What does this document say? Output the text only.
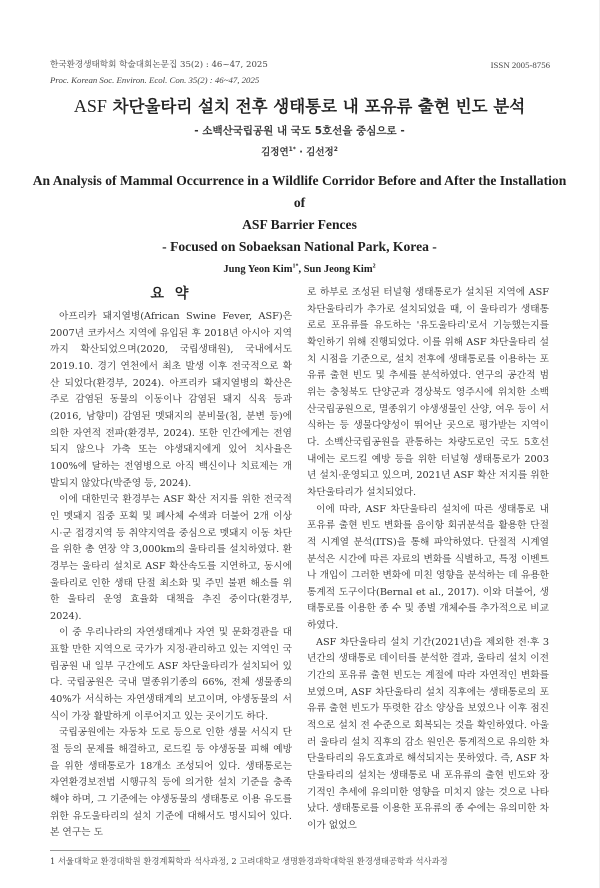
한국환경생태학회 학술대회논문집 35(2) : 46~47, 2025	ISSN 2005-8756
Proc. Korean Soc. Environ. Ecol. Con. 35(2) : 46~47, 2025
ASF 차단울타리 설치 전후 생태통로 내 포유류 출현 빈도 분석
- 소백산국립공원 내 국도 5호선을 중심으로 -
김정연$^{1*}$ · 김선정$^2$
An Analysis of Mammal Occurrence in a Wildlife Corridor Before and After the Installation of
ASF Barrier Fences
- Focused on Sobaeksan National Park, Korea -
Jung Yeon Kim$^{1*}$, Sun Jeong Kim$^2$
요 약

아프리카 돼지열병(African Swine Fever, ASF)은 2007년 코카서스 지역에 유입된 후 2018년 아시아 지역까지 확산되었으며(2020, 국립생태원), 국내에서도 2019.10. 경기 연천에서 최초 발생 이후 전국적으로 확산 되었다(환경부, 2024). 아프리카 돼지열병의 확산은 주로 감염된 동물의 이동이나 감염된 돼지 식육 등과(2016, 남향미) 감염된 멧돼지의 분비물(침, 분변 등)에 의한 자연적 전파(환경부, 2024). 또한 인간에게는 전염되지 않으나 가축 또는 야생돼지에게 있어 치사율은 100%에 달하는 전염병으로 아직 백신이나 치료제는 개발되지 않았다(박준영 등, 2024).

이에 대한민국 환경부는 ASF 확산 저지를 위한 전국적인 멧돼지 집중 포획 및 폐사체 수색과 더불어 2개 이상 시·군 접경지역 등 취약지역을 중심으로 멧돼지 이동 차단을 위한 총 연장 약 3,000km의 울타리를 설치하였다. 환경부는 울타리 설치로 ASF 확산속도를 지연하고, 동시에 울타리로 인한 생태 단절 최소화 및 주민 불편 해소를 위한 울타리 운영 효율화 대책을 추진 중이다(환경부, 2024).

이 중 우리나라의 자연생태계나 자연 및 문화경관을 대표할 만한 지역으로 국가가 지정·관리하고 있는 지역인 국립공원 내 일부 구간에도 ASF 차단울타리가 설치되어 있다. 국립공원은 국내 멸종위기종의 66%, 전체 생물종의 40%가 서식하는 자연생태계의 보고이며, 야생동물의 서식이 가장 활발하게 이루어지고 있는 곳이기도 하다.

국립공원에는 자동차 도로 등으로 인한 생물 서식지 단절 등의 문제를 해결하고, 로드킬 등 야생동물 피해 예방을 위한 생태통로가 18개소 조성되어 있다. 생태통로는 자연환경보전법 시행규칙 등에 의거한 설치 기준을 충족해야 하며, 그 기준에는 야생동물의 생태통로 이용 유도를 위한 유도울타리의 설치 기준에 대해서도 명시되어 있다. 본 연구는 도

로 하부로 조성된 터널형 생태통로가 설치된 지역에 ASF 차단울타리가 추가로 설치되었을 때, 이 울타리가 생태통로로 포유류를 유도하는 '유도울타리'로서 기능했는지를 확인하기 위해 진행되었다. 이를 위해 ASF 차단울타리 설치 시점을 기준으로, 설치 전후에 생태통로를 이용하는 포유류 출현 빈도 및 추세를 분석하였다. 연구의 공간적 범위는 충청북도 단양군과 경상북도 영주시에 위치한 소백산국립공원으로, 멸종위기 야생생물인 산양, 여우 등이 서식하는 등 생물다양성이 뛰어난 곳으로 평가받는 지역이다. 소백산국립공원을 관통하는 차량도로인 국도 5호선 내에는 로드킬 예방 등을 위한 터널형 생태통로가 2003년 설치·운영되고 있으며, 2021년 ASF 확산 저지를 위한 차단울타리가 설치되었다.

이에 따라, ASF 차단울타리 설치에 따른 생태통로 내 포유류 출현 빈도 변화를 음이항 회귀분석을 활용한 단절적 시계열 분석(ITS)을 통해 파악하였다. 단절적 시계열 분석은 시간에 따른 자료의 변화를 식별하고, 특정 이벤트나 개입이 그러한 변화에 미친 영향을 분석하는 데 유용한 통계적 도구이다(Bernal et al., 2017). 이와 더불어, 생태통로를 이용한 종 수 및 종별 개체수를 추가적으로 비교하였다.

ASF 차단울타리 설치 기간(2021년)을 제외한 전·후 3년간의 생태통로 데이터를 분석한 결과, 울타리 설치 이전 기간의 포유류 출현 빈도는 계절에 따라 자연적인 변화를 보였으며, ASF 차단울타리 설치 직후에는 생태통로의 포유류 출현 빈도가 뚜렷한 감소 양상을 보였으나 이후 점진적으로 설치 전 수준으로 회복되는 것을 확인하였다. 아울러 울타리 설치 직후의 감소 원인은 통계적으로 유의한 차단울타리의 유도효과로 해석되지는 못하였다. 즉, ASF 차단울타리의 설치는 생태통로 내 포유류의 출현 빈도와 장기적인 추세에 유의미한 영향을 미치지 않는 것으로 나타났다. 생태통로를 이용한 포유류의 종 수에는 유의미한 차이가 없었으

1 서울대학교 환경대학원 환경계획학과 석사과정, 2 고려대학교 생명환경과학대학원 환경생태공학과 석사과정
